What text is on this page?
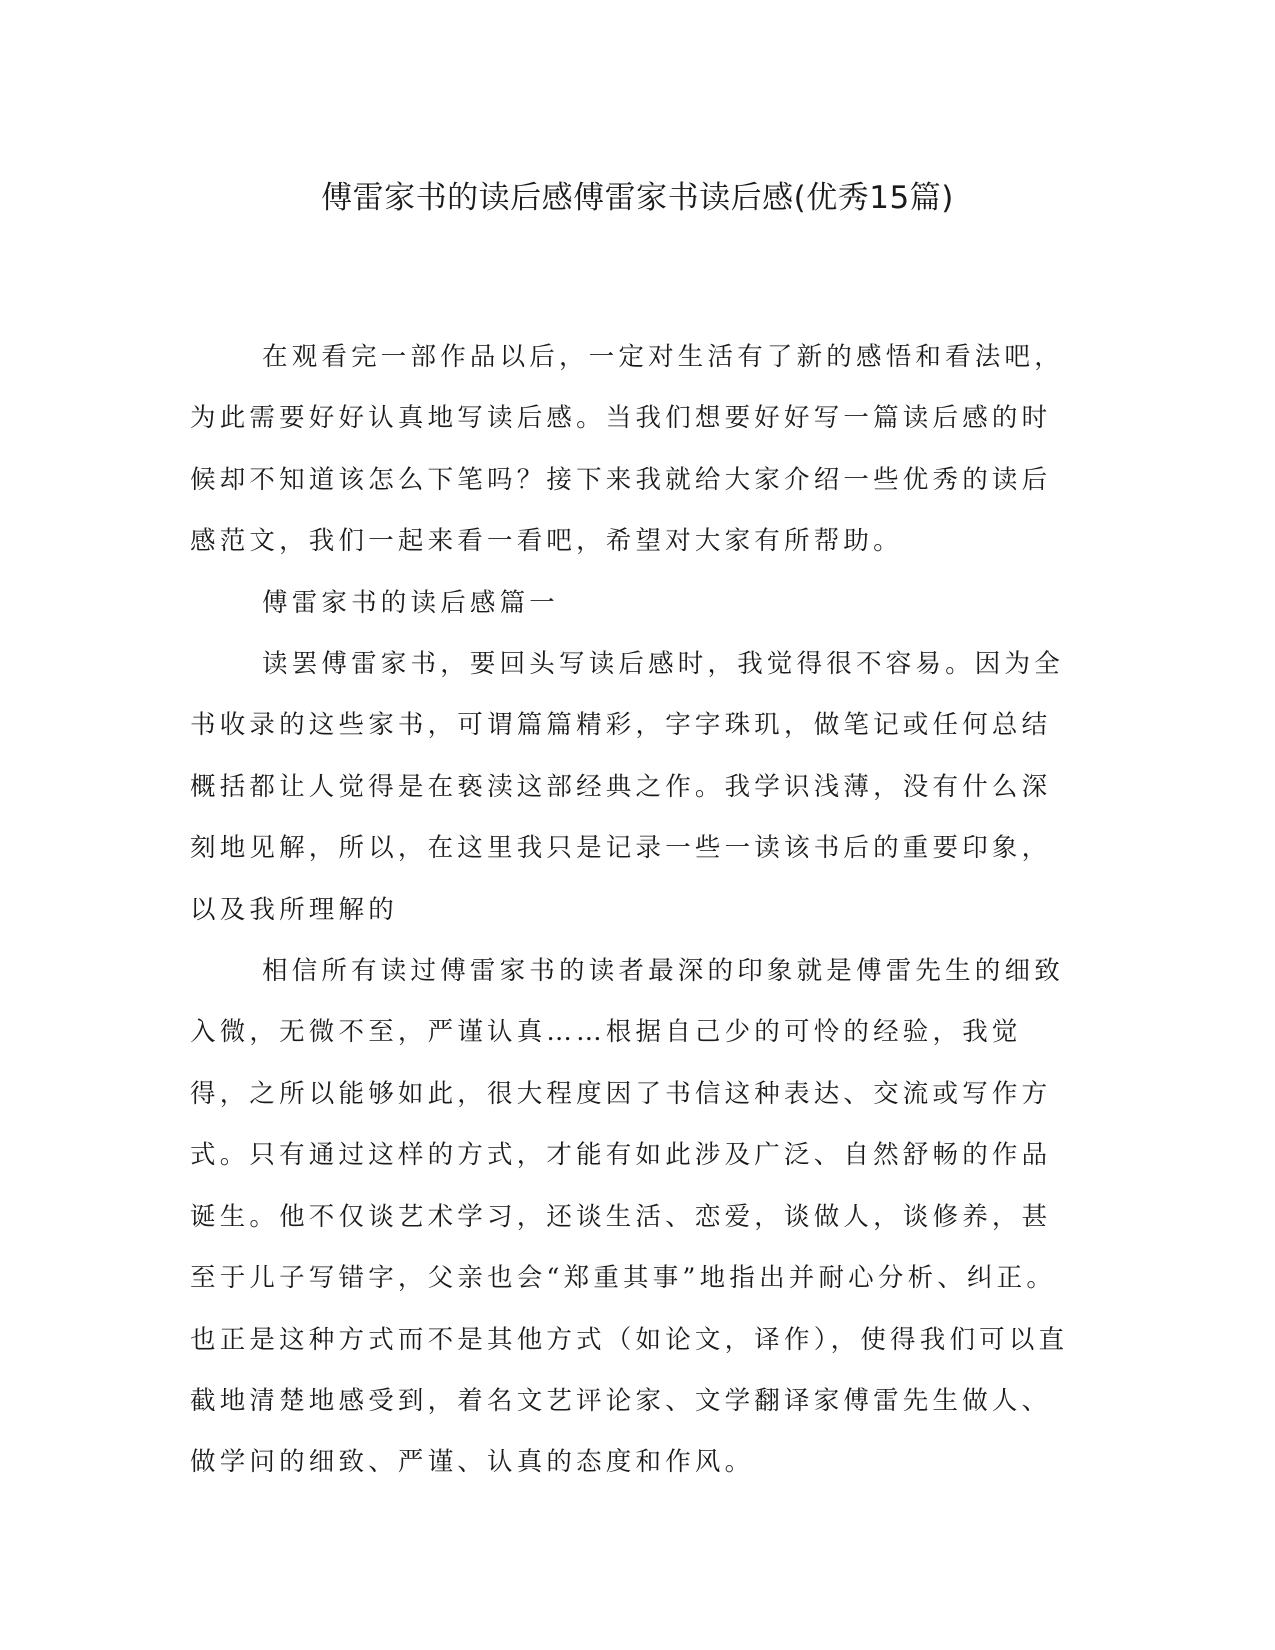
傅雷家书的读后感傅雷家书读后感(优秀15篇)

在观看完一部作品以后，一定对生活有了新的感悟和看法吧，为此需要好好认真地写读后感。当我们想要好好写一篇读后感的时候却不知道该怎么下笔吗？接下来我就给大家介绍一些优秀的读后感范文，我们一起来看一看吧，希望对大家有所帮助。

傅雷家书的读后感篇一

读罢傅雷家书，要回头写读后感时，我觉得很不容易。因为全书收录的这些家书，可谓篇篇精彩，字字珠玑，做笔记或任何总结概括都让人觉得是在亵渎这部经典之作。我学识浅薄，没有什么深刻地见解，所以，在这里我只是记录一些一读该书后的重要印象，以及我所理解的

相信所有读过傅雷家书的读者最深的印象就是傅雷先生的细致入微，无微不至，严谨认真……根据自己少的可怜的经验，我觉得，之所以能够如此，很大程度因了书信这种表达、交流或写作方式。只有通过这样的方式，才能有如此涉及广泛、自然舒畅的作品诞生。他不仅谈艺术学习，还谈生活、恋爱，谈做人，谈修养，甚至于儿子写错字，父亲也会“郑重其事”地指出并耐心分析、纠正。也正是这种方式而不是其他方式（如论文，译作），使得我们可以直截地清楚地感受到，着名文艺评论家、文学翻译家傅雷先生做人、做学问的细致、严谨、认真的态度和作风。
